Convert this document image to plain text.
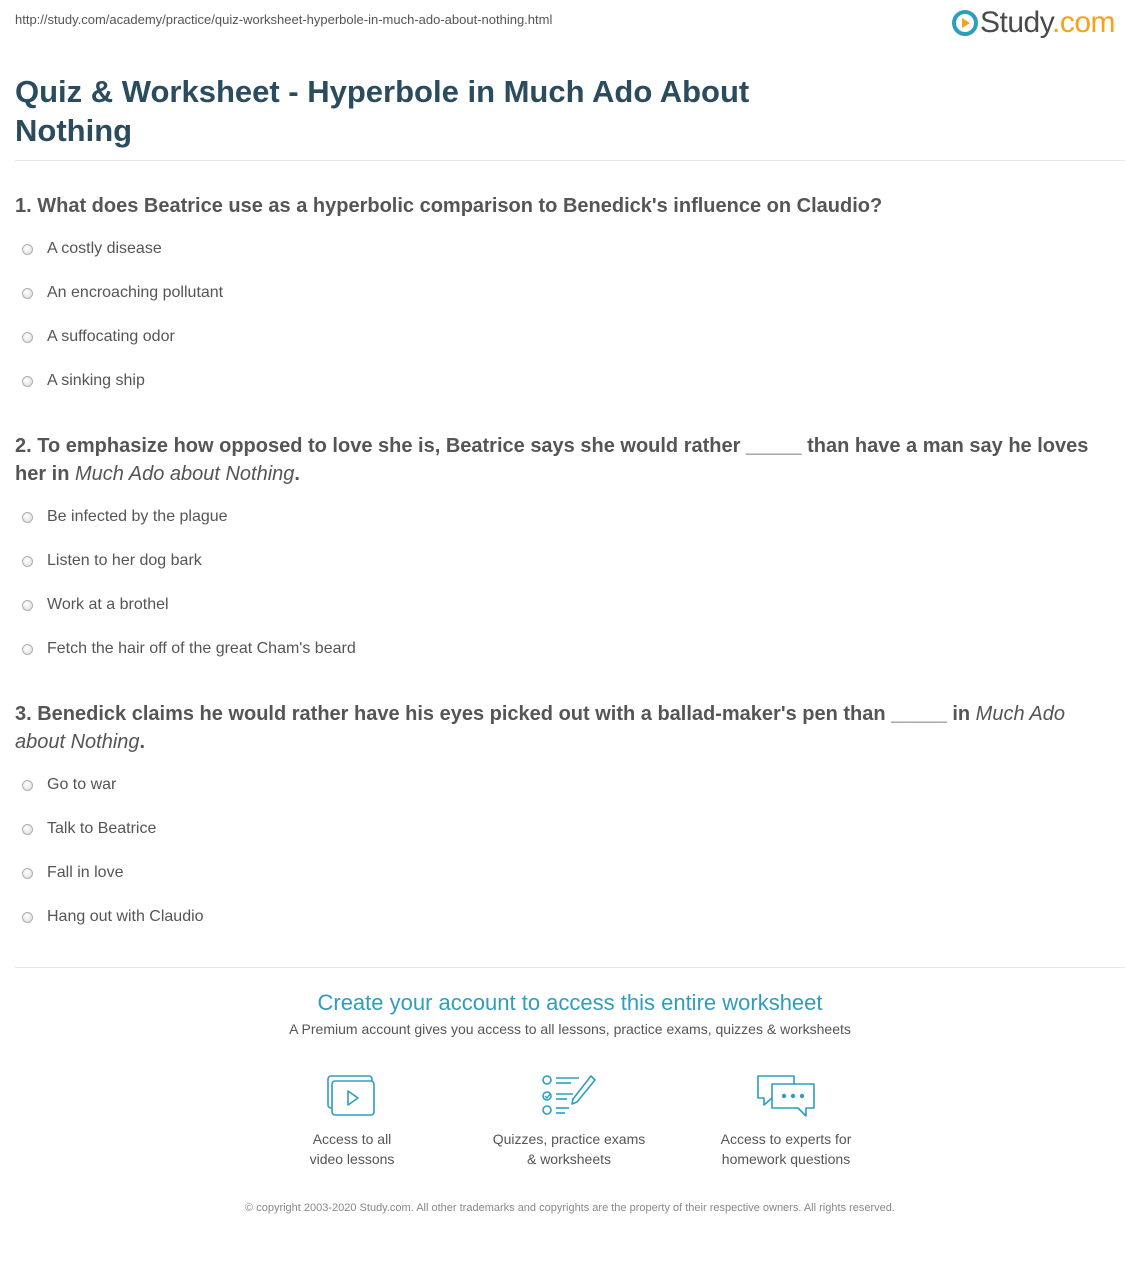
http://study.com/academy/practice/quiz-worksheet-hyperbole-in-much-ado-about-nothing.html	Study.com
Quiz & Worksheet - Hyperbole in Much Ado About Nothing
1. What does Beatrice use as a hyperbolic comparison to Benedick's influence on Claudio?
A costly disease
An encroaching pollutant
A suffocating odor
A sinking ship
2. To emphasize how opposed to love she is, Beatrice says she would rather _____ than have a man say he loves her in Much Ado about Nothing.
Be infected by the plague
Listen to her dog bark
Work at a brothel
Fetch the hair off of the great Cham's beard
3. Benedick claims he would rather have his eyes picked out with a ballad-maker's pen than _____ in Much Ado about Nothing.
Go to war
Talk to Beatrice
Fall in love
Hang out with Claudio
Create your account to access this entire worksheet
A Premium account gives you access to all lessons, practice exams, quizzes & worksheets
Access to all
video lessons
Quizzes, practice exams
& worksheets
Access to experts for
homework questions
© copyright 2003-2020 Study.com. All other trademarks and copyrights are the property of their respective owners. All rights reserved.
